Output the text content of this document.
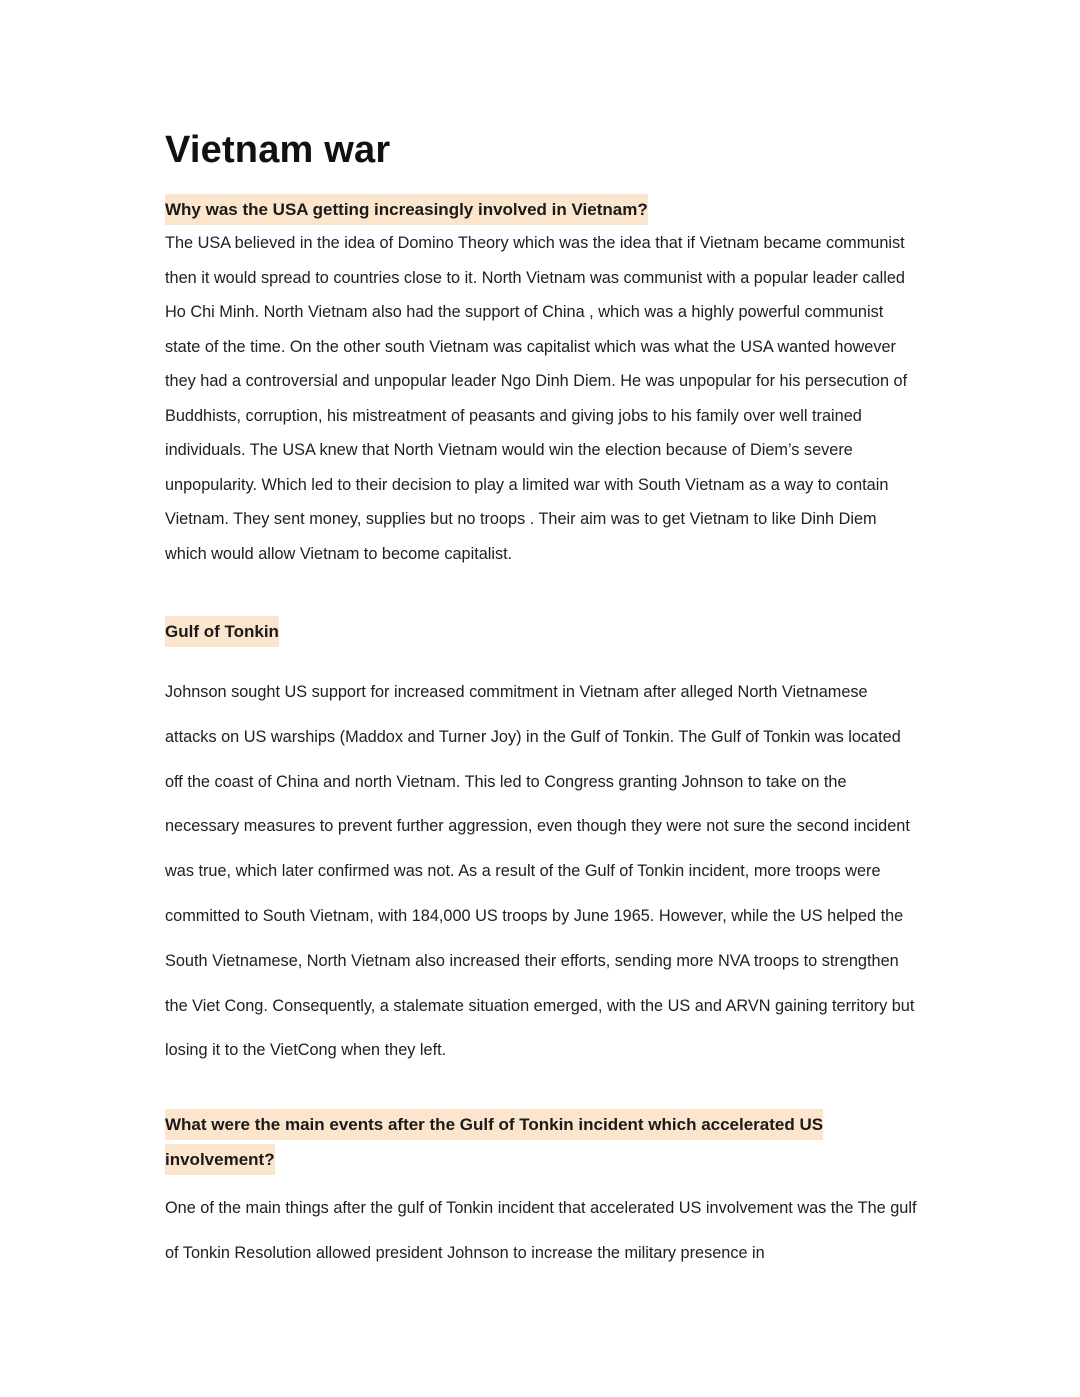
Vietnam war

Why was the USA getting increasingly involved in Vietnam?

The USA believed in the idea of Domino Theory which was the idea that if Vietnam became communist then it would spread to countries close to it. North Vietnam was communist with a popular leader called Ho Chi Minh. North Vietnam also had the support of China , which was a highly powerful communist state of the time. On the other south Vietnam was capitalist which was what the USA wanted however they had a controversial and unpopular leader Ngo Dinh Diem. He was unpopular for his persecution of Buddhists, corruption, his mistreatment of peasants and giving jobs to his family over well trained individuals. The USA knew that North Vietnam would win the election because of Diem’s severe unpopularity. Which led to their decision to play a limited war with South Vietnam as a way to contain Vietnam. They sent money, supplies but no troops . Their aim was to get Vietnam to like Dinh Diem which would allow Vietnam to become capitalist.

Gulf of Tonkin

Johnson sought US support for increased commitment in Vietnam after alleged North Vietnamese attacks on US warships (Maddox and Turner Joy) in the Gulf of Tonkin. The Gulf of Tonkin was located off the coast of China and north Vietnam. This led to Congress granting Johnson to take on the necessary measures to prevent further aggression, even though they were not sure the second incident was true, which later confirmed was not. As a result of the Gulf of Tonkin incident, more troops were committed to South Vietnam, with 184,000 US troops by June 1965. However, while the US helped the South Vietnamese, North Vietnam also increased their efforts, sending more NVA troops to strengthen the Viet Cong. Consequently, a stalemate situation emerged, with the US and ARVN gaining territory but losing it to the VietCong when they left.

What were the main events after the Gulf of Tonkin incident which accelerated US involvement?

One of the main things after the gulf of Tonkin incident that accelerated US involvement was the The gulf of Tonkin Resolution allowed president Johnson to increase the military presence in
